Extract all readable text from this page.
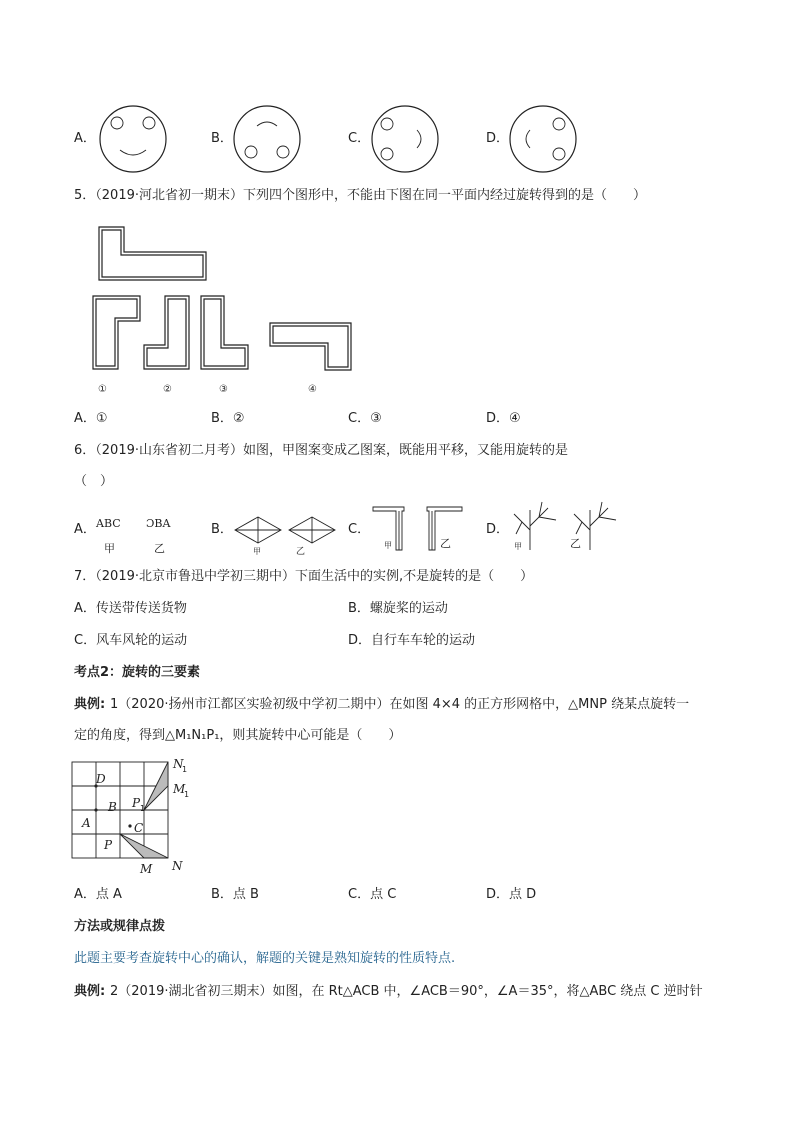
A．	B．	C．	D．
5．（2019·河北省初一期末）下列四个图形中，不能由下图在同一平面内经过旋转得到的是（　　）
①	②	③	④
A．①	B．②	C．③	D．④
6．（2019·山东省初二月考）如图，甲图案变成乙图案，既能用平移，又能用旋转的是
（　）
A． ABC ƆBA
甲	乙
B．
甲	乙
C．
甲	乙
D．
甲	乙
7．（2019·北京市鲁迅中学初三期中）下面生活中的实例,不是旋转的是（　　）
A．传送带传送货物	B．螺旋桨的运动
C．风车风轮的运动	D．自行车车轮的运动
考点2：旋转的三要素
典例: 1（2020·扬州市江都区实验初级中学初二期中）在如图 4×4 的正方形网格中，△MNP 绕某点旋转一
定的角度，得到△M₁N₁P₁，则其旋转中心可能是（　　）
D
B
A	C
P
P 1
M N
N
1
M
1
A．点 A	B．点 B	C．点 C	D．点 D
方法或规律点拨
此题主要考查旋转中心的确认，解题的关键是熟知旋转的性质特点.
典例: 2（2019·湖北省初三期末）如图，在 Rt△ACB 中，∠ACB＝90°，∠A＝35°，将△ABC 绕点 C 逆时针
